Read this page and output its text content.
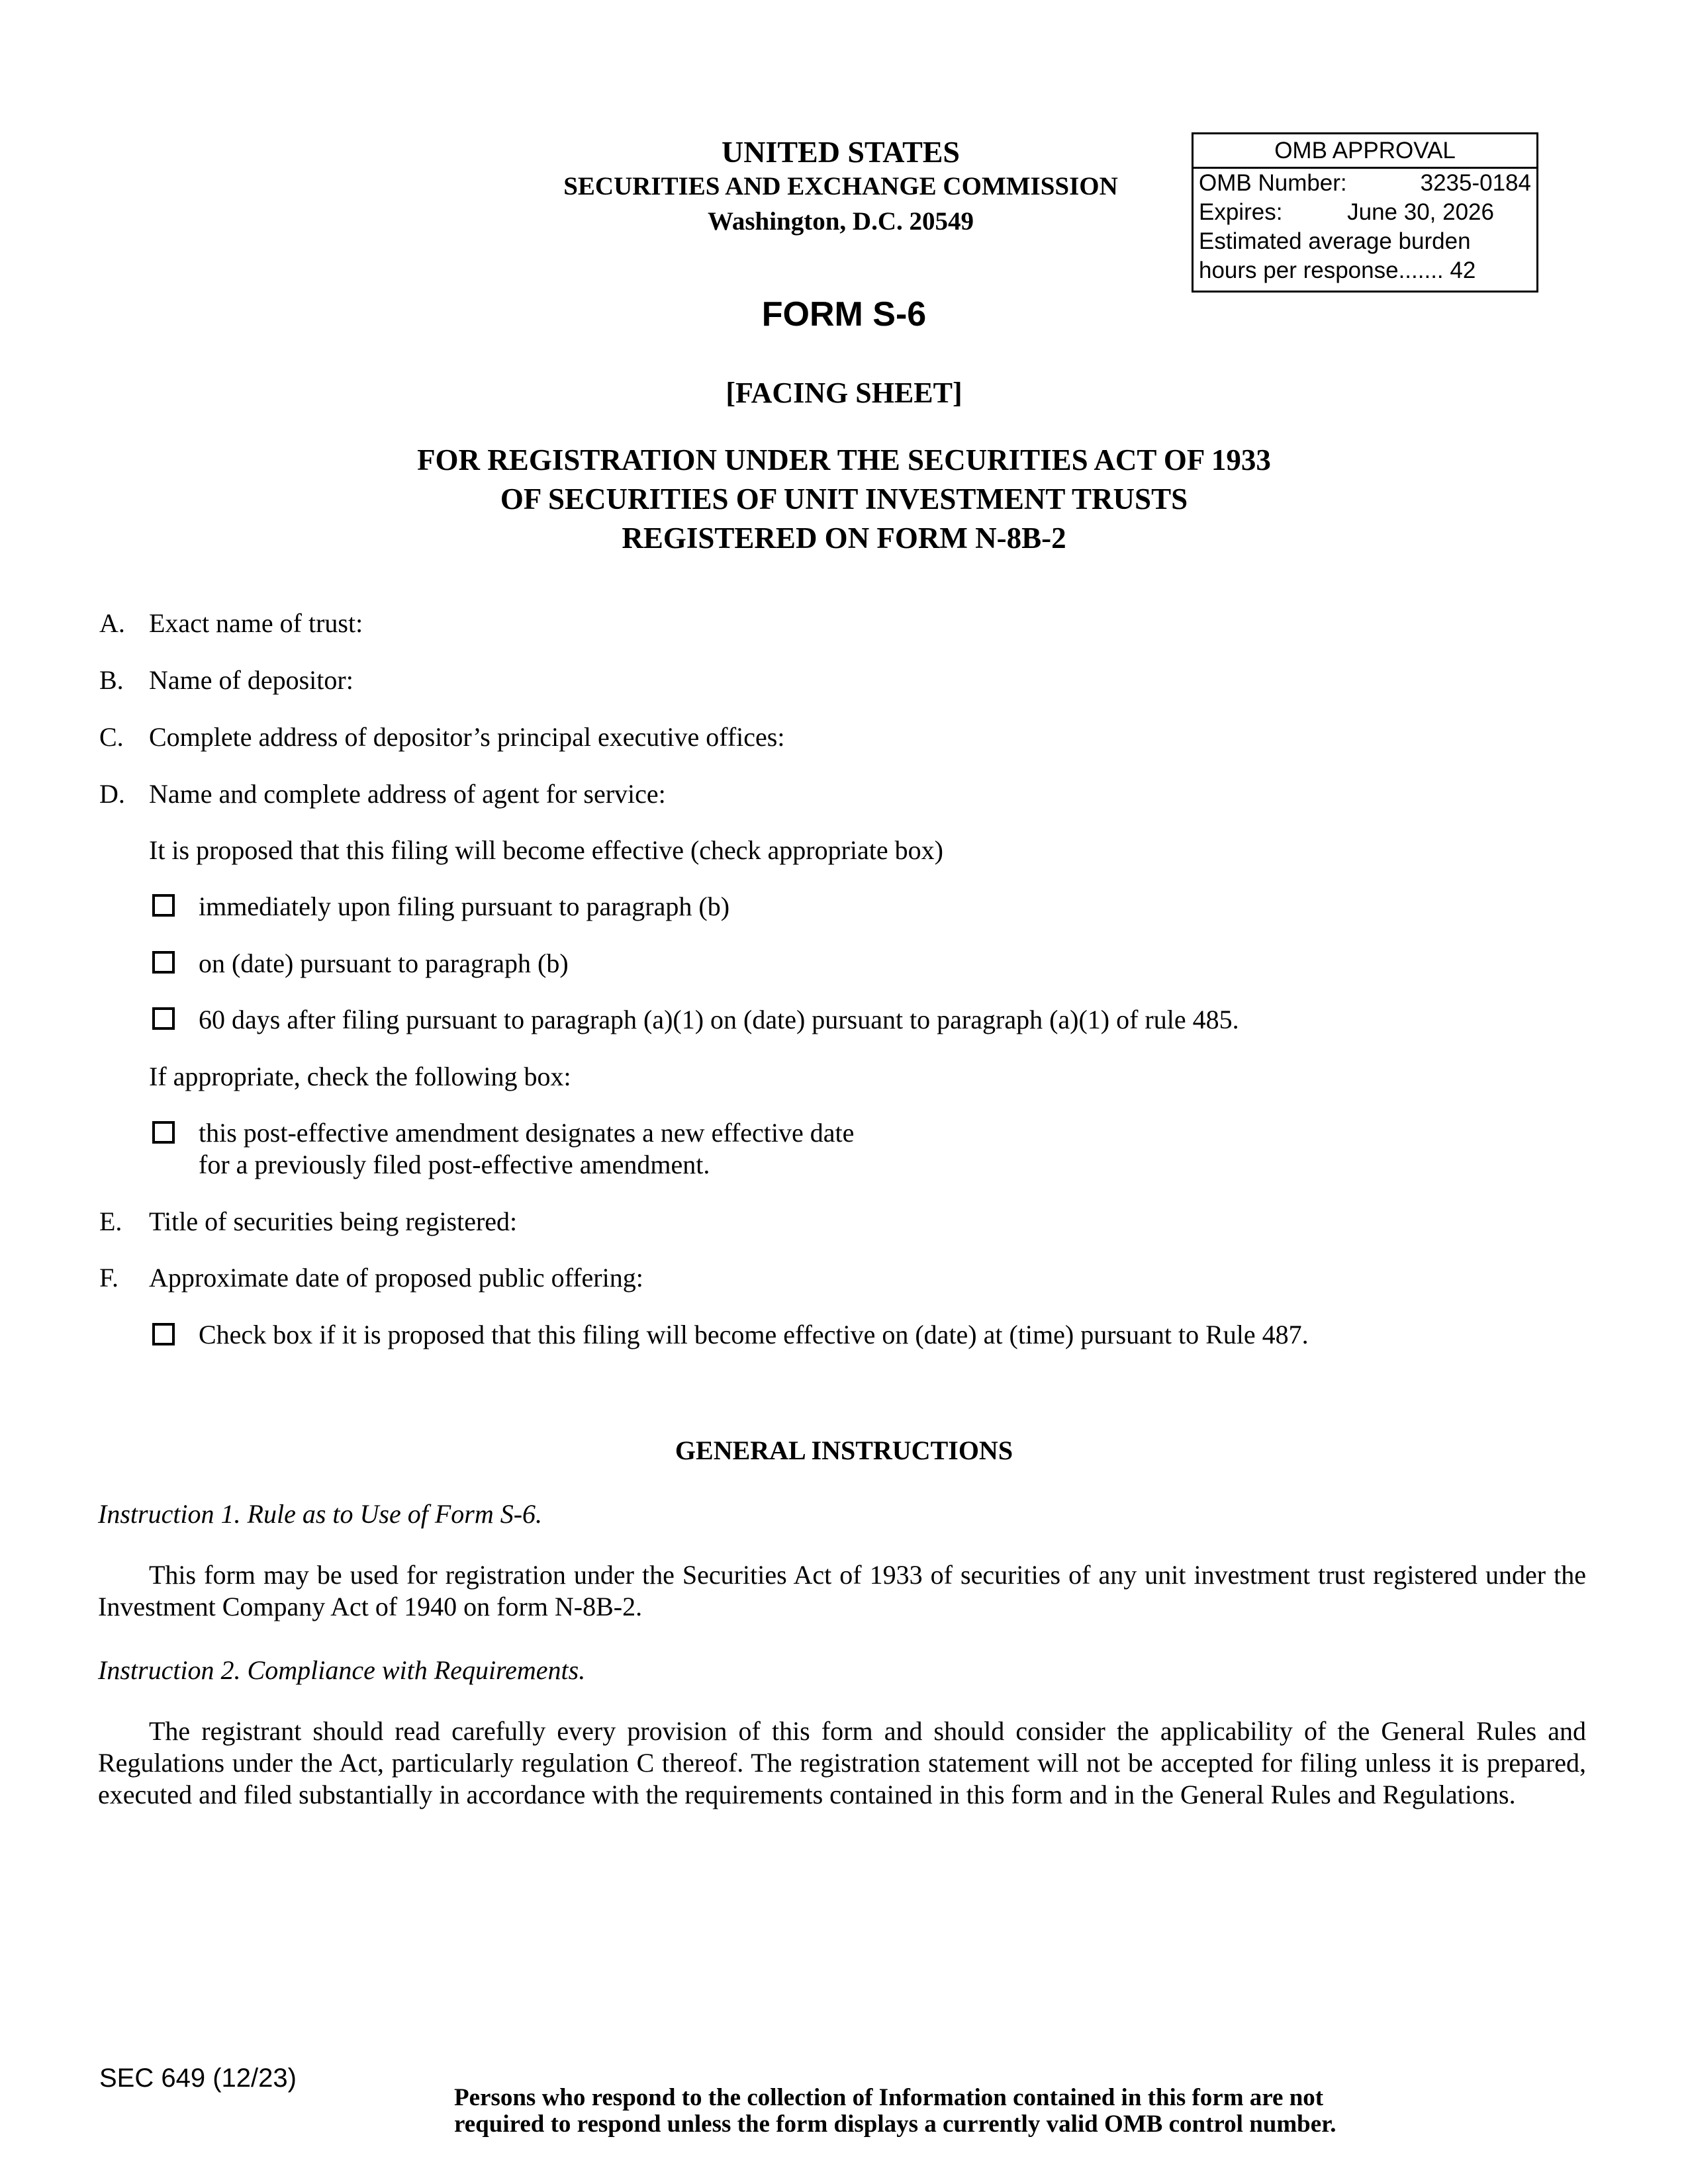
UNITED STATES
SECURITIES AND EXCHANGE COMMISSION
Washington, D.C. 20549
OMB APPROVAL
OMB Number:	3235-0184
Expires:	June 30, 2026
Estimated average burden
hours per response....... 42
FORM S-6
[FACING SHEET]
FOR REGISTRATION UNDER THE SECURITIES ACT OF 1933
OF SECURITIES OF UNIT INVESTMENT TRUSTS
REGISTERED ON FORM N-8B-2
A. Exact name of trust:
B. Name of depositor:
C. Complete address of depositor’s principal executive offices:
D. Name and complete address of agent for service:
It is proposed that this filing will become effective (check appropriate box)
immediately upon filing pursuant to paragraph (b)
on (date) pursuant to paragraph (b)
60 days after filing pursuant to paragraph (a)(1) on (date) pursuant to paragraph (a)(1) of rule 485.
If appropriate, check the following box:
this post-effective amendment designates a new effective date
for a previously filed post-effective amendment.
E. Title of securities being registered:
F. Approximate date of proposed public offering:
Check box if it is proposed that this filing will become effective on (date) at (time) pursuant to Rule 487.
GENERAL INSTRUCTIONS
Instruction 1. Rule as to Use of Form S-6.
This form may be used for registration under the Securities Act of 1933 of securities of any unit investment trust registered under the Investment Company Act of 1940 on form N-8B-2.
Instruction 2. Compliance with Requirements.
The registrant should read carefully every provision of this form and should consider the applicability of the General Rules and Regulations under the Act, particularly regulation C thereof. The registration statement will not be accepted for filing unless it is prepared, executed and filed substantially in accordance with the requirements contained in this form and in the General Rules and Regulations.
SEC 649 (12/23)
Persons who respond to the collection of Information contained in this form are not
required to respond unless the form displays a currently valid OMB control number.
